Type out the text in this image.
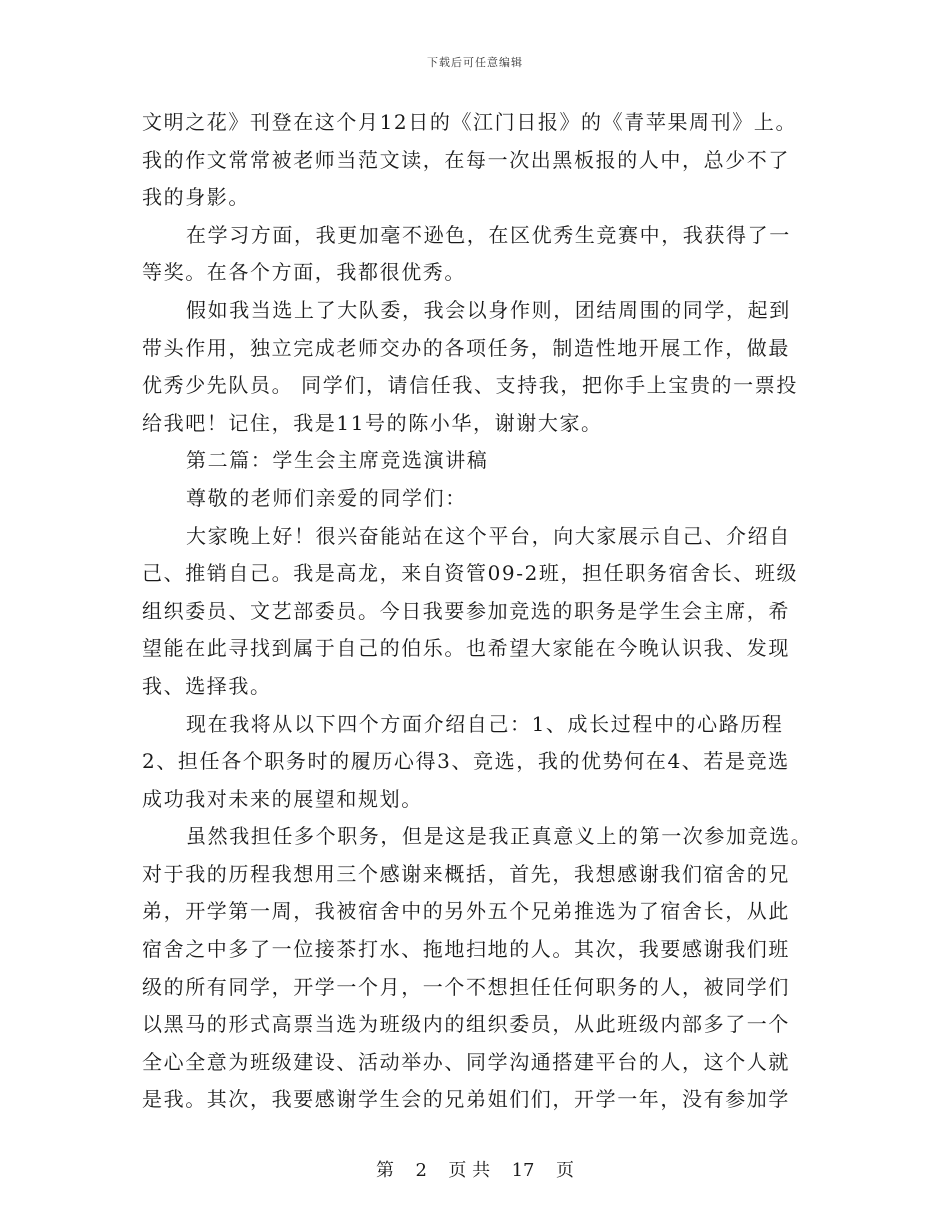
下载后可任意编辑
文明之花》刊登在这个月12日的《江门日报》的《青苹果周刊》上。
我的作文常常被老师当范文读，在每一次出黑板报的人中，总少不了
我的身影。
在学习方面，我更加毫不逊色，在区优秀生竞赛中，我获得了一
等奖。在各个方面，我都很优秀。
假如我当选上了大队委，我会以身作则，团结周围的同学，起到
带头作用，独立完成老师交办的各项任务，制造性地开展工作，做最
优秀少先队员。 同学们，请信任我、支持我，把你手上宝贵的一票投
给我吧！记住，我是11号的陈小华，谢谢大家。
第二篇：学生会主席竞选演讲稿
尊敬的老师们亲爱的同学们：
大家晚上好！很兴奋能站在这个平台，向大家展示自己、介绍自
己、推销自己。我是高龙，来自资管09-2班，担任职务宿舍长、班级
组织委员、文艺部委员。今日我要参加竞选的职务是学生会主席，希
望能在此寻找到属于自己的伯乐。也希望大家能在今晚认识我、发现
我、选择我。
现在我将从以下四个方面介绍自己：1、成长过程中的心路历程
2、担任各个职务时的履历心得3、竞选，我的优势何在4、若是竞选
成功我对未来的展望和规划。
虽然我担任多个职务，但是这是我正真意义上的第一次参加竞选。
对于我的历程我想用三个感谢来概括，首先，我想感谢我们宿舍的兄
弟，开学第一周，我被宿舍中的另外五个兄弟推选为了宿舍长，从此
宿舍之中多了一位接茶打水、拖地扫地的人。其次，我要感谢我们班
级的所有同学，开学一个月，一个不想担任任何职务的人，被同学们
以黑马的形式高票当选为班级内的组织委员，从此班级内部多了一个
全心全意为班级建设、活动举办、同学沟通搭建平台的人，这个人就
是我。其次，我要感谢学生会的兄弟姐们们，开学一年，没有参加学
第 2 页 共 17 页
